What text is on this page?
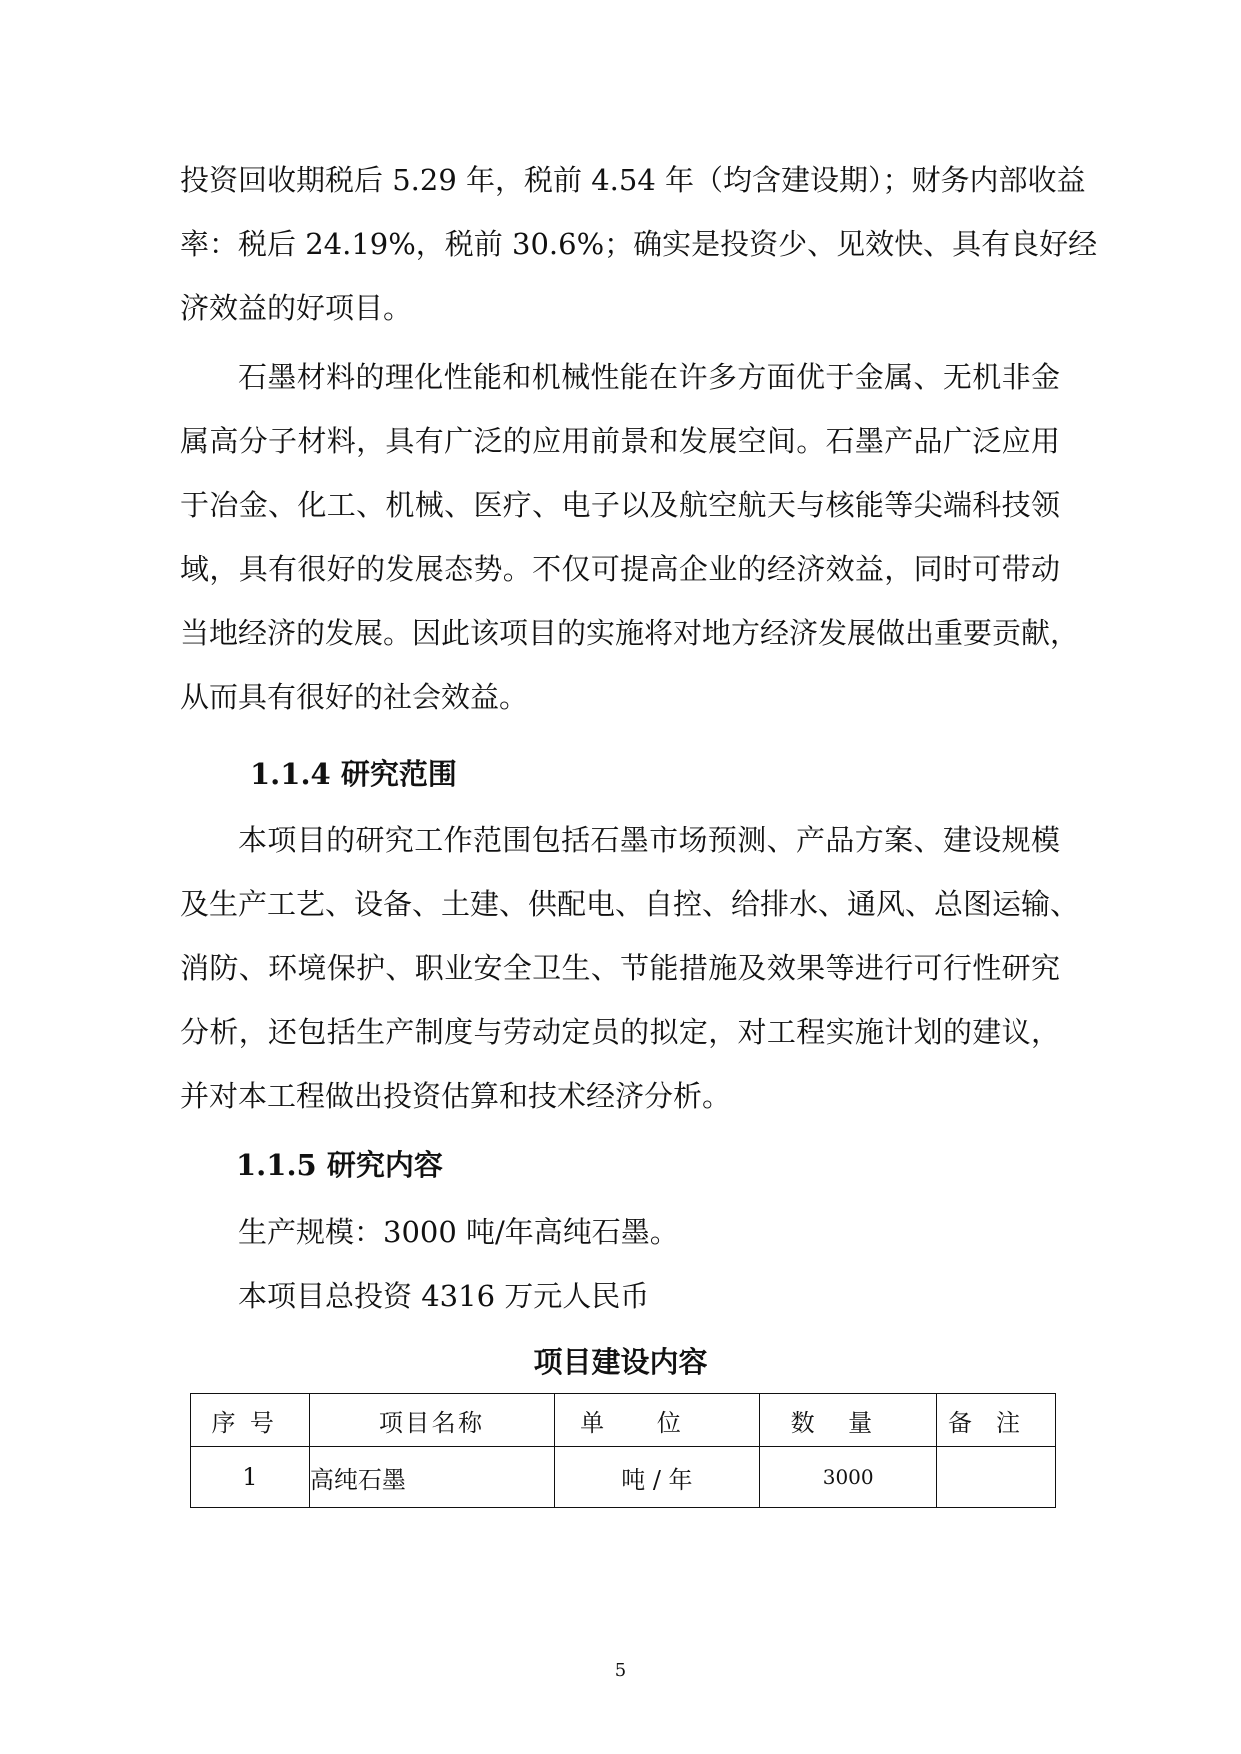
投资回收期税后 5.29 年，税前 4.54 年（均含建设期）；财务内部收益
率：税后 24.19%，税前 30.6%；确实是投资少、见效快、具有良好经
济效益的好项目。
石墨材料的理化性能和机械性能在许多方面优于金属、无机非金
属高分子材料，具有广泛的应用前景和发展空间。石墨产品广泛应用
于冶金、化工、机械、医疗、电子以及航空航天与核能等尖端科技领
域，具有很好的发展态势。不仅可提高企业的经济效益，同时可带动
当地经济的发展。因此该项目的实施将对地方经济发展做出重要贡献，
从而具有很好的社会效益。
1.1.4 研究范围
本项目的研究工作范围包括石墨市场预测、产品方案、建设规模
及生产工艺、设备、土建、供配电、自控、给排水、通风、总图运输、
消防、环境保护、职业安全卫生、节能措施及效果等进行可行性研究
分析，还包括生产制度与劳动定员的拟定，对工程实施计划的建议，
并对本工程做出投资估算和技术经济分析。
1.1.5 研究内容
生产规模：3000 吨/年高纯石墨。
本项目总投资 4316 万元人民币
项目建设内容
序号	项目名称	单位	数量	备注
1	高纯石墨	吨 / 年	3000	
5
